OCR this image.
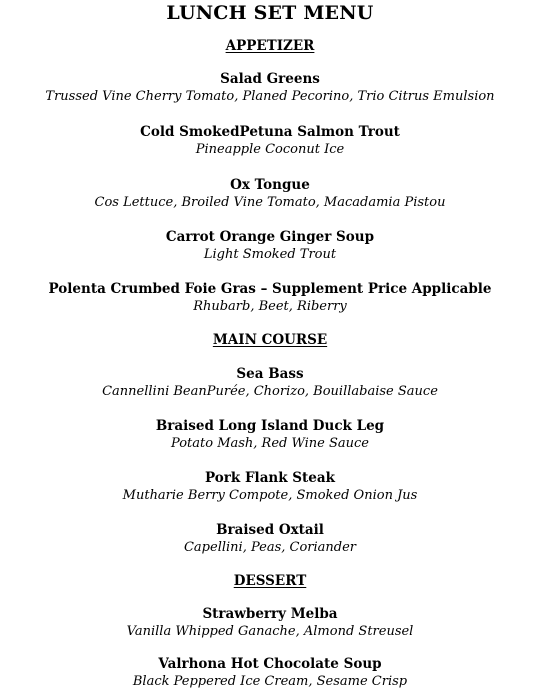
LUNCH SET MENU
APPETIZER
Salad Greens
Trussed Vine Cherry Tomato, Planed Pecorino, Trio Citrus Emulsion
Cold SmokedPetuna Salmon Trout
Pineapple Coconut Ice
Ox Tongue
Cos Lettuce, Broiled Vine Tomato, Macadamia Pistou
Carrot Orange Ginger Soup
Light Smoked Trout
Polenta Crumbed Foie Gras – Supplement Price Applicable
Rhubarb, Beet, Riberry
MAIN COURSE
Sea Bass
Cannellini BeanPurée, Chorizo, Bouillabaise Sauce
Braised Long Island Duck Leg
Potato Mash, Red Wine Sauce
Pork Flank Steak
Mutharie Berry Compote, Smoked Onion Jus
Braised Oxtail
Capellini, Peas, Coriander
DESSERT
Strawberry Melba
Vanilla Whipped Ganache, Almond Streusel
Valrhona Hot Chocolate Soup
Black Peppered Ice Cream, Sesame Crisp
